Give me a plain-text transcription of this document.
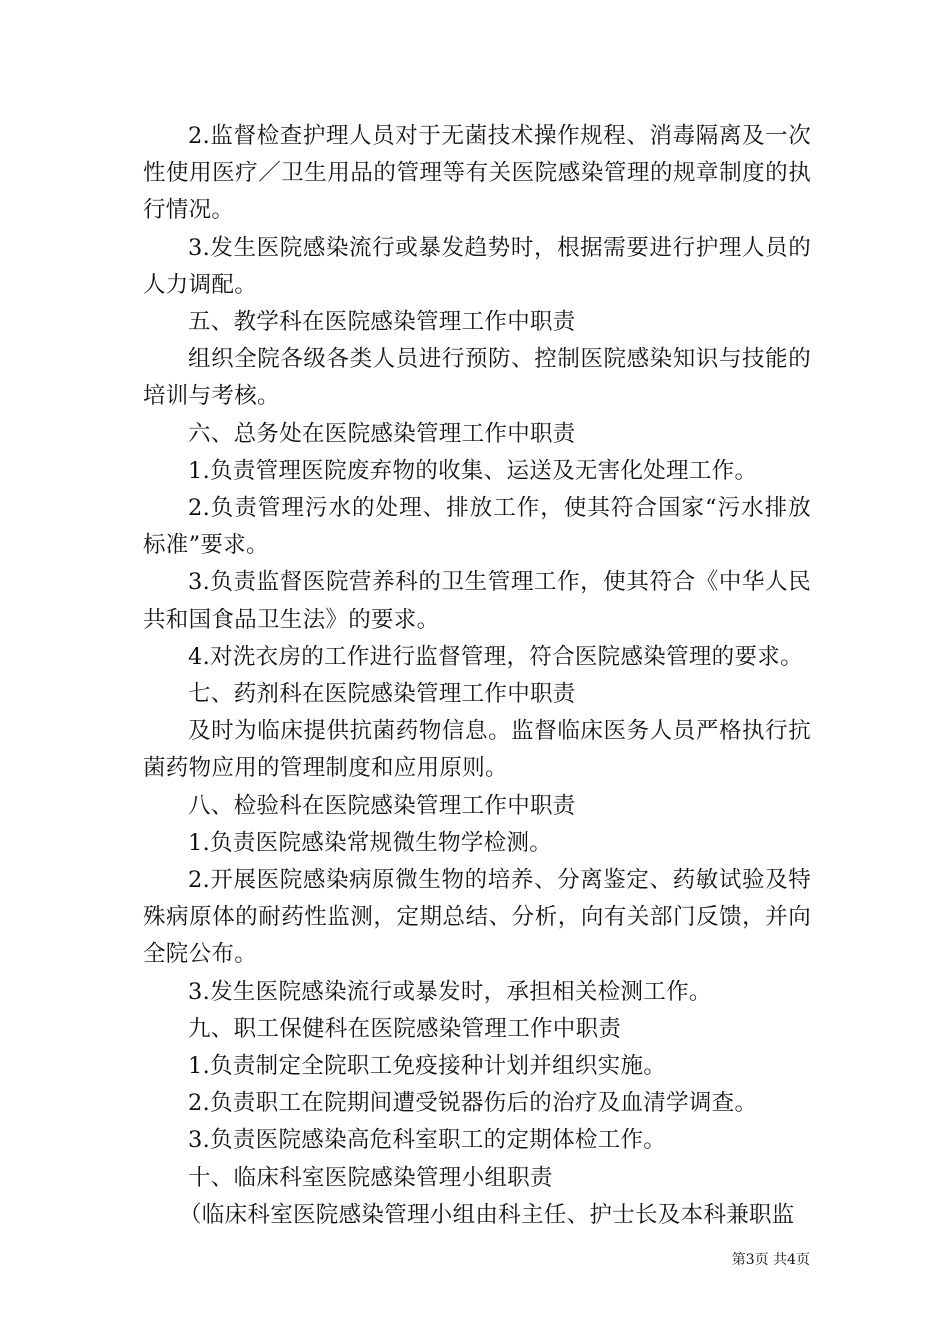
2.监督检查护理人员对于无菌技术操作规程、消毒隔离及一次性使用医疗／卫生用品的管理等有关医院感染管理的规章制度的执行情况。

3.发生医院感染流行或暴发趋势时，根据需要进行护理人员的人力调配。

五、教学科在医院感染管理工作中职责

组织全院各级各类人员进行预防、控制医院感染知识与技能的培训与考核。

六、总务处在医院感染管理工作中职责

1.负责管理医院废弃物的收集、运送及无害化处理工作。

2.负责管理污水的处理、排放工作，使其符合国家“污水排放标准”要求。

3.负责监督医院营养科的卫生管理工作，使其符合《中华人民共和国食品卫生法》的要求。

4.对洗衣房的工作进行监督管理，符合医院感染管理的要求。

七、药剂科在医院感染管理工作中职责

及时为临床提供抗菌药物信息。监督临床医务人员严格执行抗菌药物应用的管理制度和应用原则。

八、检验科在医院感染管理工作中职责

1.负责医院感染常规微生物学检测。

2.开展医院感染病原微生物的培养、分离鉴定、药敏试验及特殊病原体的耐药性监测，定期总结、分析，向有关部门反馈，并向全院公布。

3.发生医院感染流行或暴发时，承担相关检测工作。

九、职工保健科在医院感染管理工作中职责

1.负责制定全院职工免疫接种计划并组织实施。

2.负责职工在院期间遭受锐器伤后的治疗及血清学调查。

3.负责医院感染高危科室职工的定期体检工作。

十、临床科室医院感染管理小组职责

（临床科室医院感染管理小组由科主任、护士长及本科兼职监

第3页 共4页
